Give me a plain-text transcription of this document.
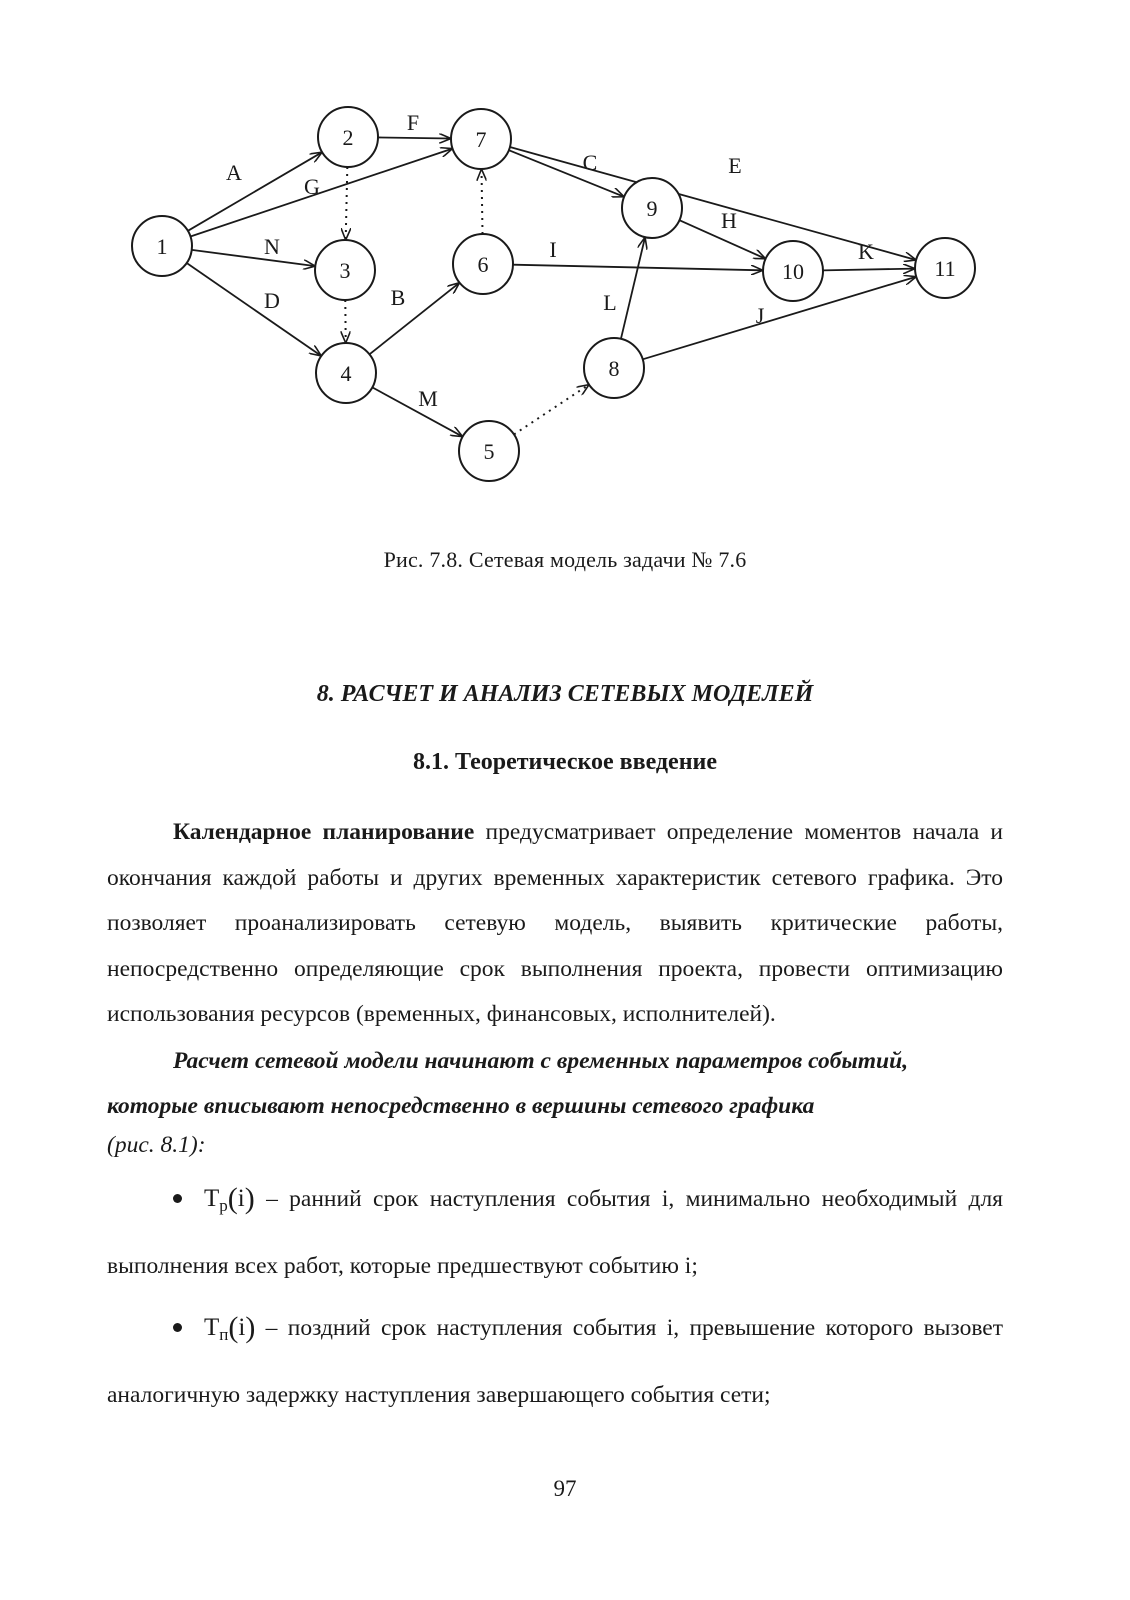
1
2
3
4
5
6
7
8
9
10	11
A
G
N
D
F
B
M
I
C	E
L
J
H
K
Рис. 7.8. Сетевая модель задачи № 7.6
8. РАСЧЕТ И АНАЛИЗ СЕТЕВЫХ МОДЕЛЕЙ
8.1. Теоретическое введение

Календарное планирование предусматривает определение моментов начала и окончания каждой работы и других временных характеристик сетевого графика. Это позволяет проанализировать сетевую модель, выявить критические работы, непосредственно определяющие срок выполнения проекта, провести оптимизацию использования ресурсов (временных, финансовых, исполнителей).

Расчет сетевой модели начинают с временных параметров событий, которые вписывают непосредственно в вершины сетевого графика
(рис. 8.1):

$T_р(i)$ – ранний срок наступления события i, минимально необходимый для выполнения всех работ, которые предшествуют событию i;

$T_п(i)$ – поздний срок наступления события i, превышение которого вызовет аналогичную задержку наступления завершающего события сети;

97
